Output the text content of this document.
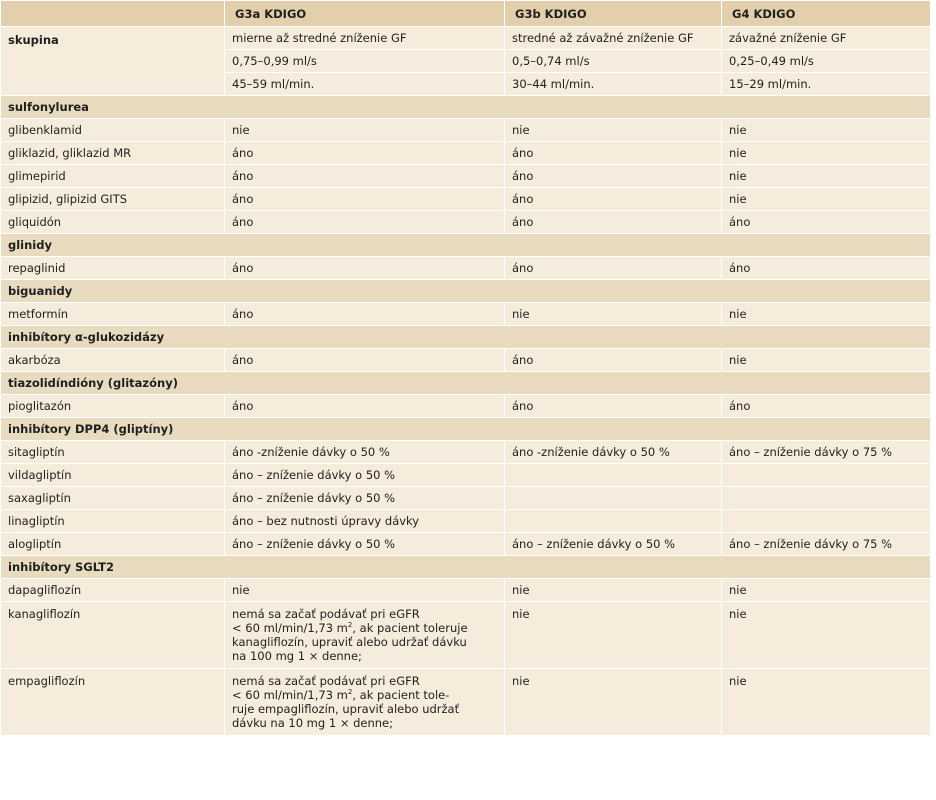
	G3a KDIGO	G3b KDIGO	G4 KDIGO
skupina	mierne až stredné zníženie GF	stredné až závažné zníženie GF	závažné zníženie GF
	0,75–0,99 ml/s	0,5–0,74 ml/s	0,25–0,49 ml/s
	45–59 ml/min.	30–44 ml/min.	15–29 ml/min.
sulfonylurea			
glibenklamid	nie	nie	nie
gliklazid, gliklazid MR	áno	áno	nie
glimepirid	áno	áno	nie
glipizid, glipizid GITS	áno	áno	nie
gliquidón	áno	áno	áno
glinidy			
repaglinid	áno	áno	áno
biguanidy			
metformín	áno	nie	nie
inhibítory α-glukozidázy			
akarbóza	áno	áno	nie
tiazolidíndióny (glitazóny)			
pioglitazón	áno	áno	áno
inhibítory DPP4 (gliptíny)			
sitagliptín	áno -zníženie dávky o 50 %	áno -zníženie dávky o 50 %	áno – zníženie dávky o 75 %
vildagliptín	áno – zníženie dávky o 50 %		
saxagliptín	áno – zníženie dávky o 50 %		
linagliptín	áno – bez nutnosti úpravy dávky		
alogliptín	áno – zníženie dávky o 50 %	áno – zníženie dávky o 50 %	áno – zníženie dávky o 75 %
inhibítory SGLT2			
dapagliflozín	nie	nie	nie
kanagliflozín	nemá sa začať podávať pri eGFR
< 60 ml/min/1,73 $m^2$, ak pacient toleruje
kanagliflozín, upraviť alebo udržať dávku
na 100 mg 1 × denne;	nie	nie
empagliflozín	nemá sa začať podávať pri eGFR
< 60 ml/min/1,73 $m^2$, ak pacient tole-
ruje empagliflozín, upraviť alebo udržať
dávku na 10 mg 1 × denne;	nie	nie
